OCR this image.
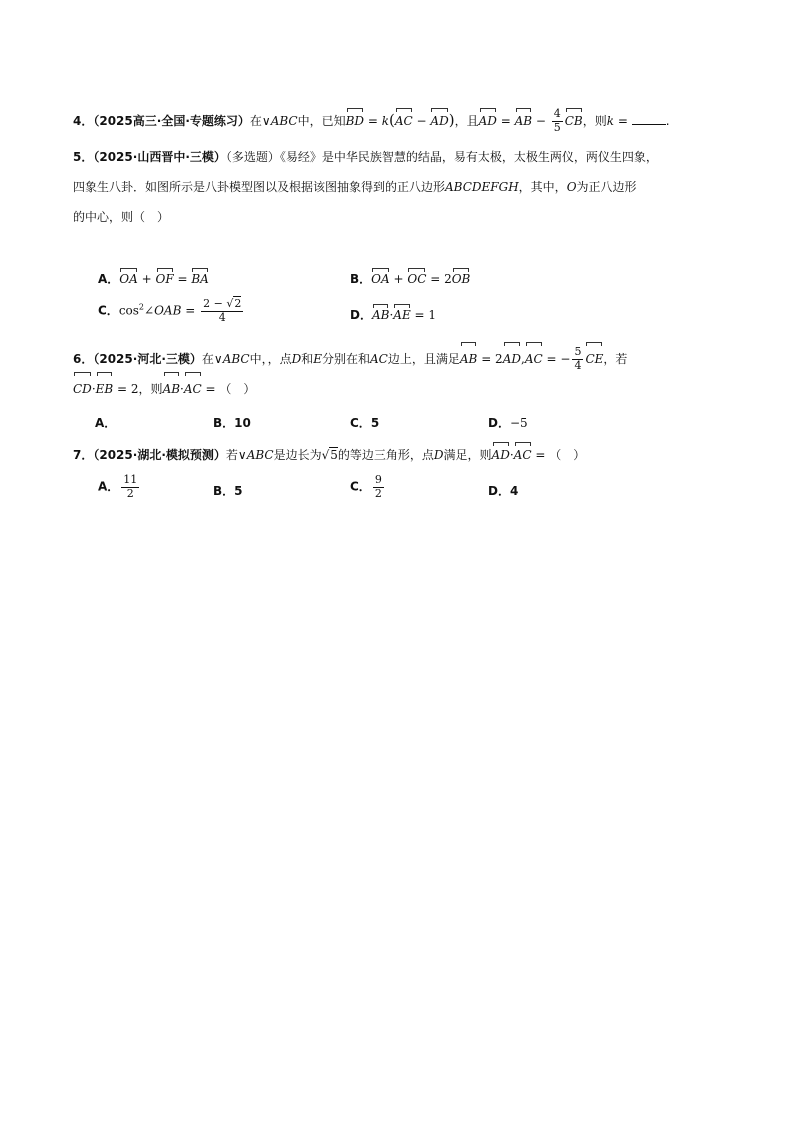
4．（2025高三·全国·专题练习）在∨ABC中，已知BD = k(AC − AD)，且AD = AB − $\frac{4}{5}$ CB，则k =	.
5．（2025·山西晋中·三模）（多选题）《易经》是中华民族智慧的结晶，易有太极，太极生两仪，两仪生四象，
四象生八卦．如图所示是八卦模型图以及根据该图抽象得到的正八边形ABCDEFGH，其中，O为正八边形
的中心，则（　）
A．OA + OF = BA	B．OA + OC = 2OB
C．$\cos^2\angle OAB = \frac{2 - √2}{4}$	D．AB·AE = 1
6．（2025·河北·三模）在∨ABC中，，点D和E分别在和AC边上，且满足AB = 2AD,AC = − $\frac{5}{4}$ CE，若
CD·EB = 2，则AB·AC = （　）
A．	B．10	C．5	D．−5
7．（2025·湖北·模拟预测）若∨ABC是边长为√5的等边三角形，点D满足，则AD·AC = （　）
A． $\frac{11}{2}$	B．5	C． $\frac{9}{2}$	D．4
